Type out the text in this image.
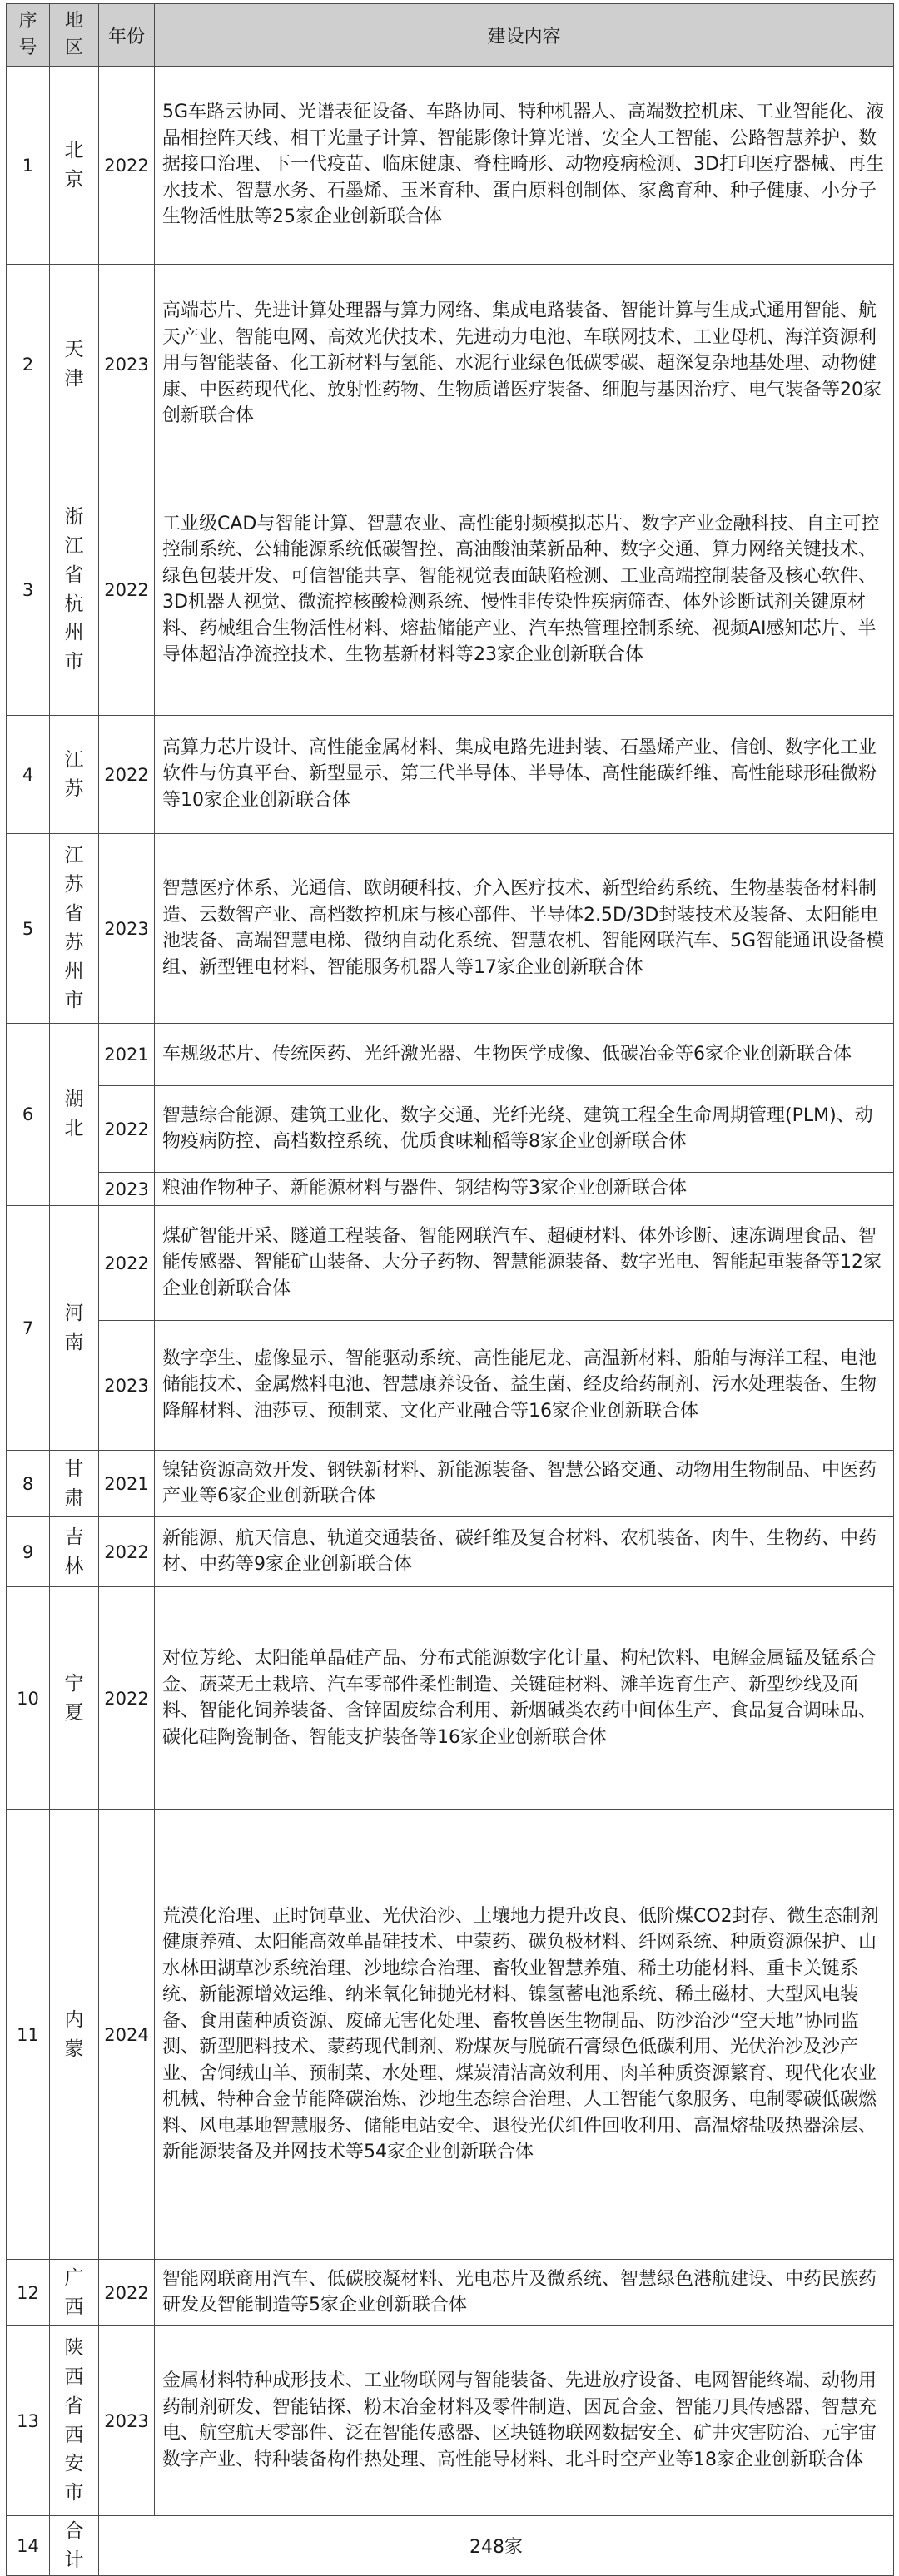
序号	地区	年份	建设内容
1	北京	2022	5G车路云协同、光谱表征设备、车路协同、特种机器人、高端数控机床、工业智能化、液晶相控阵天线、相干光量子计算、智能影像计算光谱、安全人工智能、公路智慧养护、数据接口治理、下一代疫苗、临床健康、脊柱畸形、动物疫病检测、3D打印医疗器械、再生水技术、智慧水务、石墨烯、玉米育种、蛋白原料创制体、家禽育种、种子健康、小分子生物活性肽等25家企业创新联合体
2	天津	2023	高端芯片、先进计算处理器与算力网络、集成电路装备、智能计算与生成式通用智能、航天产业、智能电网、高效光伏技术、先进动力电池、车联网技术、工业母机、海洋资源利用与智能装备、化工新材料与氢能、水泥行业绿色低碳零碳、超深复杂地基处理、动物健康、中医药现代化、放射性药物、生物质谱医疗装备、细胞与基因治疗、电气装备等20家创新联合体
3	浙江省杭州市	2022	工业级CAD与智能计算、智慧农业、高性能射频模拟芯片、数字产业金融科技、自主可控控制系统、公辅能源系统低碳智控、高油酸油菜新品种、数字交通、算力网络关键技术、绿色包装开发、可信智能共享、智能视觉表面缺陷检测、工业高端控制装备及核心软件、3D机器人视觉、微流控核酸检测系统、慢性非传染性疾病筛查、体外诊断试剂关键原材料、药械组合生物活性材料、熔盐储能产业、汽车热管理控制系统、视频AI感知芯片、半导体超洁净流控技术、生物基新材料等23家企业创新联合体
4	江苏	2022	高算力芯片设计、高性能金属材料、集成电路先进封装、石墨烯产业、信创、数字化工业软件与仿真平台、新型显示、第三代半导体、半导体、高性能碳纤维、高性能球形硅微粉等10家企业创新联合体
5	江苏省苏州市	2023	智慧医疗体系、光通信、欧朗硬科技、介入医疗技术、新型给药系统、生物基装备材料制造、云数智产业、高档数控机床与核心部件、半导体2.5D/3D封装技术及装备、太阳能电池装备、高端智慧电梯、微纳自动化系统、智慧农机、智能网联汽车、5G智能通讯设备模组、新型锂电材料、智能服务机器人等17家企业创新联合体
6	湖北	2021	车规级芯片、传统医药、光纤激光器、生物医学成像、低碳冶金等6家企业创新联合体
		2022	智慧综合能源、建筑工业化、数字交通、光纤光绕、建筑工程全生命周期管理(PLM)、动物疫病防控、高档数控系统、优质食味籼稻等8家企业创新联合体
		2023	粮油作物种子、新能源材料与器件、钢结构等3家企业创新联合体
7	河南	2022	煤矿智能开采、隧道工程装备、智能网联汽车、超硬材料、体外诊断、速冻调理食品、智能传感器、智能矿山装备、大分子药物、智慧能源装备、数字光电、智能起重装备等12家企业创新联合体
		2023	数字孪生、虚像显示、智能驱动系统、高性能尼龙、高温新材料、船舶与海洋工程、电池储能技术、金属燃料电池、智慧康养设备、益生菌、经皮给药制剂、污水处理装备、生物降解材料、油莎豆、预制菜、文化产业融合等16家企业创新联合体
8	甘肃	2021	镍钴资源高效开发、钢铁新材料、新能源装备、智慧公路交通、动物用生物制品、中医药产业等6家企业创新联合体
9	吉林	2022	新能源、航天信息、轨道交通装备、碳纤维及复合材料、农机装备、肉牛、生物药、中药材、中药等9家企业创新联合体
10	宁夏	2022	对位芳纶、太阳能单晶硅产品、分布式能源数字化计量、枸杞饮料、电解金属锰及锰系合金、蔬菜无土栽培、汽车零部件柔性制造、关键硅材料、滩羊选育生产、新型纱线及面料、智能化饲养装备、含锌固废综合利用、新烟碱类农药中间体生产、食品复合调味品、碳化硅陶瓷制备、智能支护装备等16家企业创新联合体
11	内蒙	2024	荒漠化治理、正时饲草业、光伏治沙、土壤地力提升改良、低阶煤CO2封存、微生态制剂健康养殖、太阳能高效单晶硅技术、中蒙药、碳负极材料、纤网系统、种质资源保护、山水林田湖草沙系统治理、沙地综合治理、畜牧业智慧养殖、稀土功能材料、重卡关键系统、新能源增效运维、纳米氧化铈抛光材料、镍氢蓄电池系统、稀土磁材、大型风电装备、食用菌种质资源、废碲无害化处理、畜牧兽医生物制品、防沙治沙“空天地”协同监测、新型肥料技术、蒙药现代制剂、粉煤灰与脱硫石膏绿色低碳利用、光伏治沙及沙产业、舍饲绒山羊、预制菜、水处理、煤炭清洁高效利用、肉羊种质资源繁育、现代化农业机械、特种合金节能降碳治炼、沙地生态综合治理、人工智能气象服务、电制零碳低碳燃料、风电基地智慧服务、储能电站安全、退役光伏组件回收利用、高温熔盐吸热器涂层、新能源装备及并网技术等54家企业创新联合体
12	广西	2022	智能网联商用汽车、低碳胶凝材料、光电芯片及微系统、智慧绿色港航建设、中药民族药研发及智能制造等5家企业创新联合体
13	陕西省西安市	2023	金属材料特种成形技术、工业物联网与智能装备、先进放疗设备、电网智能终端、动物用药制剂研发、智能钻探、粉末冶金材料及零件制造、因瓦合金、智能刀具传感器、智慧充电、航空航天零部件、泛在智能传感器、区块链物联网数据安全、矿井灾害防治、元宇宙数字产业、特种装备构件热处理、高性能导材料、北斗时空产业等18家企业创新联合体
14	合计	248家	
